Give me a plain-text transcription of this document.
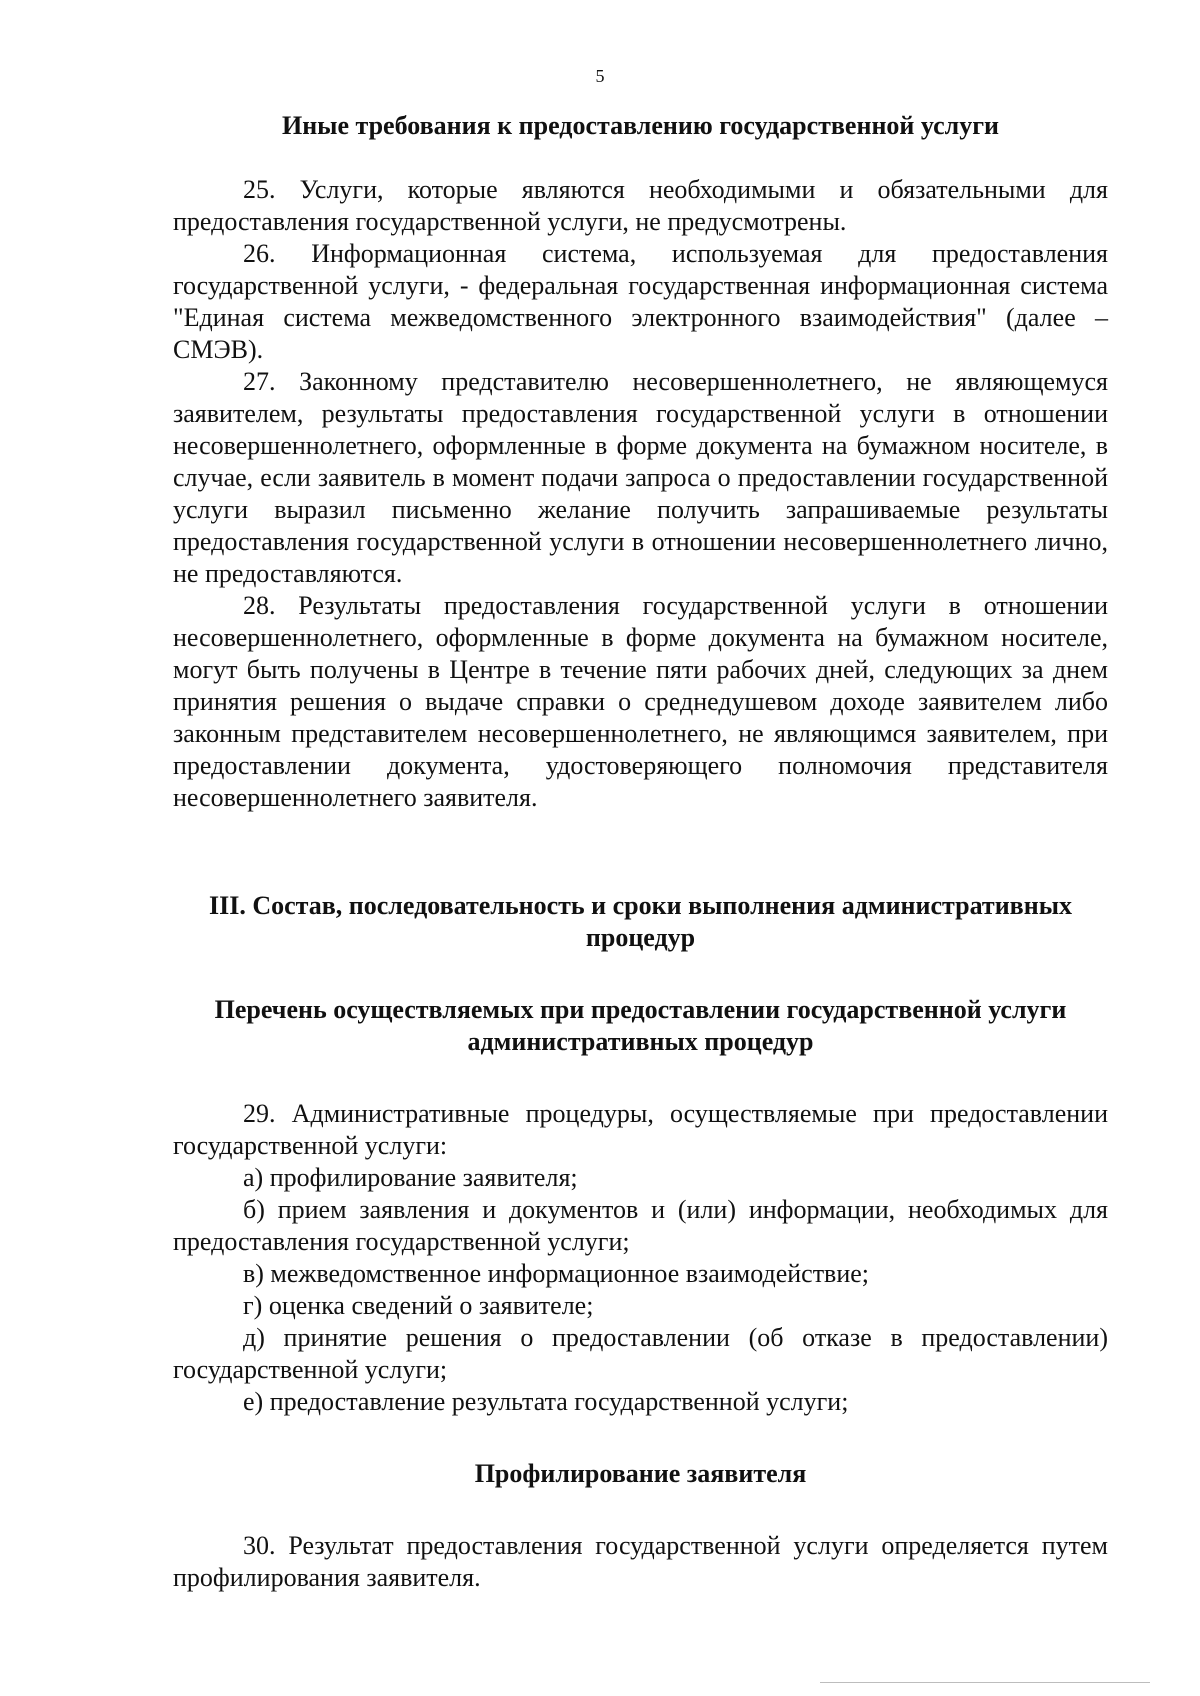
5
Иные требования к предоставлению государственной услуги

25. Услуги, которые являются необходимыми и обязательными для предоставления государственной услуги, не предусмотрены.

26. Информационная система, используемая для предоставления государственной услуги, - федеральная государственная информационная система "Единая система межведомственного электронного взаимодействия" (далее – СМЭВ).

27. Законному представителю несовершеннолетнего, не являющемуся заявителем, результаты предоставления государственной услуги в отношении несовершеннолетнего, оформленные в форме документа на бумажном носителе, в случае, если заявитель в момент подачи запроса о предоставлении государственной услуги выразил письменно желание получить запрашиваемые результаты предоставления государственной услуги в отношении несовершеннолетнего лично, не предоставляются.

28. Результаты предоставления государственной услуги в отношении несовершеннолетнего, оформленные в форме документа на бумажном носителе, могут быть получены в Центре в течение пяти рабочих дней, следующих за днем принятия решения о выдаче справки о среднедушевом доходе заявителем либо законным представителем несовершеннолетнего, не являющимся заявителем, при предоставлении документа, удостоверяющего полномочия представителя несовершеннолетнего заявителя.

III. Состав, последовательность и сроки выполнения административных процедур
Перечень осуществляемых при предоставлении государственной услуги административных процедур

29. Административные процедуры, осуществляемые при предоставлении государственной услуги:

а) профилирование заявителя;

б) прием заявления и документов и (или) информации, необходимых для предоставления государственной услуги;

в) межведомственное информационное взаимодействие;

г) оценка сведений о заявителе;

д) принятие решения о предоставлении (об отказе в предоставлении) государственной услуги;

е) предоставление результата государственной услуги;

Профилирование заявителя

30. Результат предоставления государственной услуги определяется путем профилирования заявителя.
